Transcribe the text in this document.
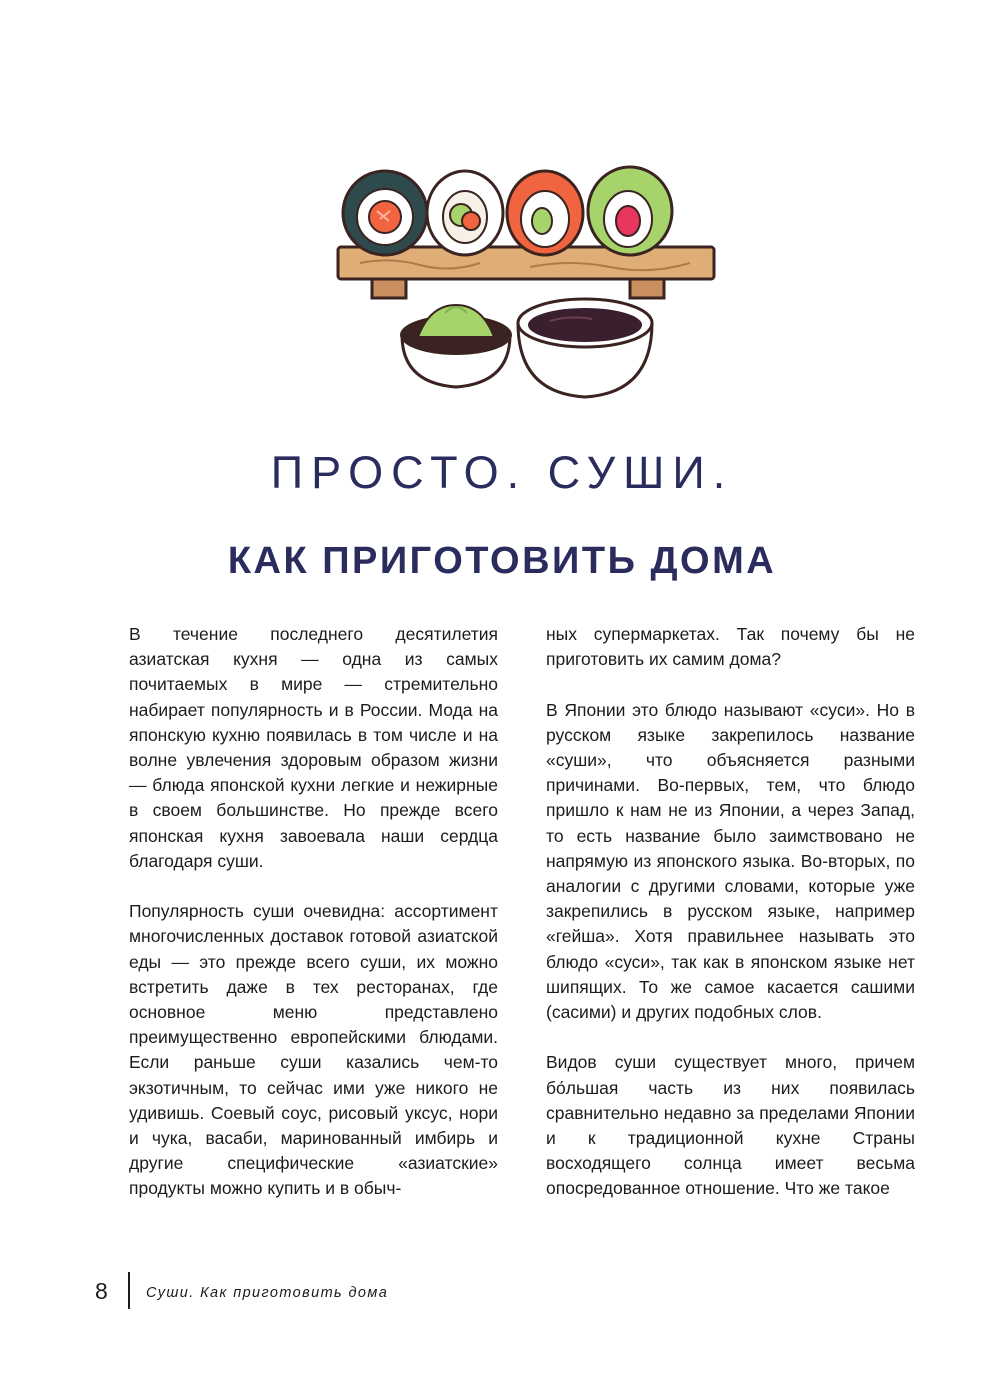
ПРОСТО. СУШИ.
КАК ПРИГОТОВИТЬ ДОМА

В течение последнего десятилетия азиатская кухня — одна из самых почитаемых в мире — стремительно набирает популярность и в России. Мода на японскую кухню появилась в том числе и на волне увлечения здоровым образом жизни — блюда японской кухни легкие и нежирные в своем большинстве. Но прежде всего японская кухня завоевала наши сердца благодаря суши.

Популярность суши очевидна: ассортимент многочисленных доставок готовой азиатской еды — это прежде всего суши, их можно встретить даже в тех ресторанах, где основное меню представлено преимущественно европейскими блюдами. Если раньше суши казались чем-то экзотичным, то сейчас ими уже никого не удивишь. Соевый соус, рисовый уксус, нори и чука, васаби, маринованный имбирь и другие специфические «азиатские» продукты можно купить и в обыч-

ных супермаркетах. Так почему бы не приготовить их самим дома?

В Японии это блюдо называют «суси». Но в русском языке закрепилось название «суши», что объясняется разными причинами. Во-первых, тем, что блюдо пришло к нам не из Японии, а через Запад, то есть название было заимствовано не напрямую из японского языка. Во-вторых, по аналогии с другими словами, которые уже закрепились в русском языке, например «гейша». Хотя правильнее называть это блюдо «суси», так как в японском языке нет шипящих. То же самое касается сашими (сасими) и других подобных слов.

Видов суши существует много, причем бо́льшая часть из них появилась сравнительно недавно за пределами Японии и к традиционной кухне Страны восходящего солнца имеет весьма опосредованное отношение. Что же такое

8	Суши. Как приготовить дома
